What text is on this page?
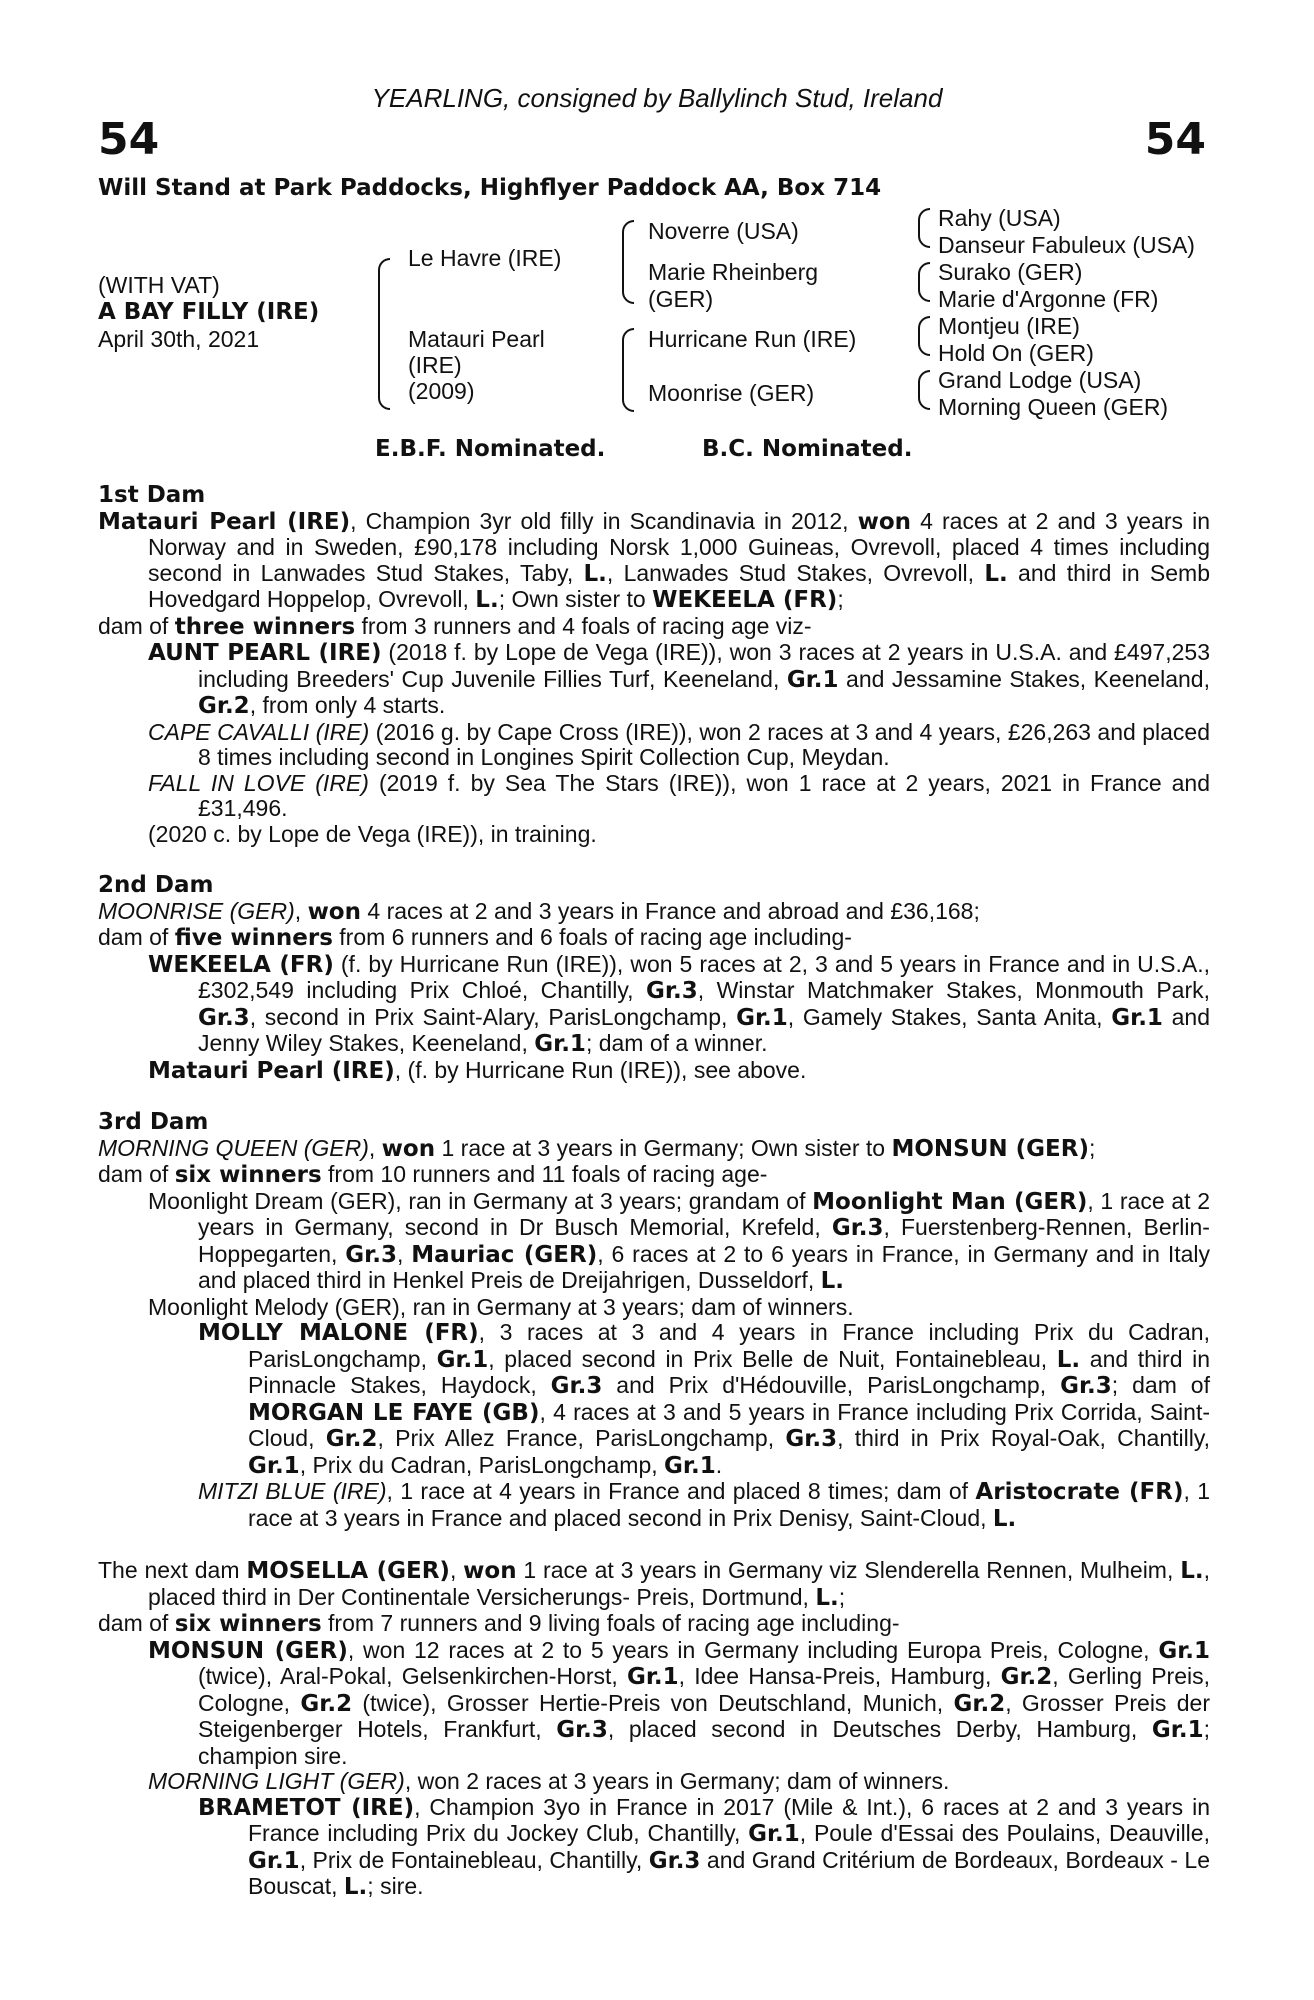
YEARLING, consigned by Ballylinch Stud, Ireland
54	54
Will Stand at Park Paddocks, Highflyer Paddock AA, Box 714
(WITH VAT)
A BAY FILLY (IRE)
April 30th, 2021
Le Havre (IRE)
Matauri Pearl
(IRE)
(2009)
Noverre (USA)
Marie Rheinberg
(GER)
Hurricane Run (IRE)
Moonrise (GER)
Rahy (USA)
Danseur Fabuleux (USA)
Surako (GER)
Marie d'Argonne (FR)
Montjeu (IRE)
Hold On (GER)
Grand Lodge (USA)
Morning Queen (GER)
E.B.F. Nominated.	B.C. Nominated.
1st Dam
Matauri Pearl (IRE), Champion 3yr old filly in Scandinavia in 2012, won 4 races at 2 and 3 years in Norway and in Sweden, £90,178 including Norsk 1,000 Guineas, Ovrevoll, placed 4 times including second in Lanwades Stud Stakes, Taby, L., Lanwades Stud Stakes, Ovrevoll, L. and third in Semb Hovedgard Hoppelop, Ovrevoll, L.; Own sister to WEKEELA (FR);
dam of three winners from 3 runners and 4 foals of racing age viz-
AUNT PEARL (IRE) (2018 f. by Lope de Vega (IRE)), won 3 races at 2 years in U.S.A. and £497,253 including Breeders' Cup Juvenile Fillies Turf, Keeneland, Gr.1 and Jessamine Stakes, Keeneland, Gr.2, from only 4 starts.
CAPE CAVALLI (IRE) (2016 g. by Cape Cross (IRE)), won 2 races at 3 and 4 years, £26,263 and placed 8 times including second in Longines Spirit Collection Cup, Meydan.
FALL IN LOVE (IRE) (2019 f. by Sea The Stars (IRE)), won 1 race at 2 years, 2021 in France and £31,496.
(2020 c. by Lope de Vega (IRE)), in training.
2nd Dam
MOONRISE (GER), won 4 races at 2 and 3 years in France and abroad and £36,168;
dam of five winners from 6 runners and 6 foals of racing age including-
WEKEELA (FR) (f. by Hurricane Run (IRE)), won 5 races at 2, 3 and 5 years in France and in U.S.A., £302,549 including Prix Chloé, Chantilly, Gr.3, Winstar Matchmaker Stakes, Monmouth Park, Gr.3, second in Prix Saint-Alary, ParisLongchamp, Gr.1, Gamely Stakes, Santa Anita, Gr.1 and Jenny Wiley Stakes, Keeneland, Gr.1; dam of a winner.
Matauri Pearl (IRE), (f. by Hurricane Run (IRE)), see above.
3rd Dam
MORNING QUEEN (GER), won 1 race at 3 years in Germany; Own sister to MONSUN (GER);
dam of six winners from 10 runners and 11 foals of racing age-
Moonlight Dream (GER), ran in Germany at 3 years; grandam of Moonlight Man (GER), 1 race at 2 years in Germany, second in Dr Busch Memorial, Krefeld, Gr.3, Fuerstenberg-Rennen, Berlin-Hoppegarten, Gr.3, Mauriac (GER), 6 races at 2 to 6 years in France, in Germany and in Italy and placed third in Henkel Preis de Dreijahrigen, Dusseldorf, L.
Moonlight Melody (GER), ran in Germany at 3 years; dam of winners.
MOLLY MALONE (FR), 3 races at 3 and 4 years in France including Prix du Cadran, ParisLongchamp, Gr.1, placed second in Prix Belle de Nuit, Fontainebleau, L. and third in Pinnacle Stakes, Haydock, Gr.3 and Prix d'Hédouville, ParisLongchamp, Gr.3; dam of MORGAN LE FAYE (GB), 4 races at 3 and 5 years in France including Prix Corrida, Saint-Cloud, Gr.2, Prix Allez France, ParisLongchamp, Gr.3, third in Prix Royal-Oak, Chantilly, Gr.1, Prix du Cadran, ParisLongchamp, Gr.1.
MITZI BLUE (IRE), 1 race at 4 years in France and placed 8 times; dam of Aristocrate (FR), 1 race at 3 years in France and placed second in Prix Denisy, Saint-Cloud, L.
The next dam MOSELLA (GER), won 1 race at 3 years in Germany viz Slenderella Rennen, Mulheim, L., placed third in Der Continentale Versicherungs- Preis, Dortmund, L.;
dam of six winners from 7 runners and 9 living foals of racing age including-
MONSUN (GER), won 12 races at 2 to 5 years in Germany including Europa Preis, Cologne, Gr.1 (twice), Aral-Pokal, Gelsenkirchen-Horst, Gr.1, Idee Hansa-Preis, Hamburg, Gr.2, Gerling Preis, Cologne, Gr.2 (twice), Grosser Hertie-Preis von Deutschland, Munich, Gr.2, Grosser Preis der Steigenberger Hotels, Frankfurt, Gr.3, placed second in Deutsches Derby, Hamburg, Gr.1; champion sire.
MORNING LIGHT (GER), won 2 races at 3 years in Germany; dam of winners.
BRAMETOT (IRE), Champion 3yo in France in 2017 (Mile & Int.), 6 races at 2 and 3 years in France including Prix du Jockey Club, Chantilly, Gr.1, Poule d'Essai des Poulains, Deauville, Gr.1, Prix de Fontainebleau, Chantilly, Gr.3 and Grand Critérium de Bordeaux, Bordeaux - Le Bouscat, L.; sire.
